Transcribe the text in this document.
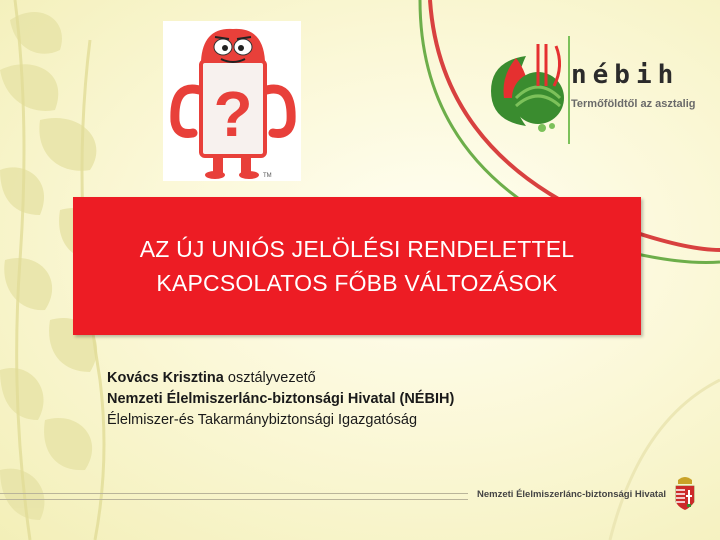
?
TM
nébih
Termőföldtől az asztalig
AZ ÚJ UNIÓS JELÖLÉSI RENDELETTEL
KAPCSOLATOS FŐBB VÁLTOZÁSOK
Kovács Krisztina osztályvezető
Nemzeti Élelmiszerlánc-biztonsági Hivatal (NÉBIH)
Élelmiszer-és Takarmánybiztonsági Igazgatóság
Nemzeti Élelmiszerlánc-biztonsági Hivatal
